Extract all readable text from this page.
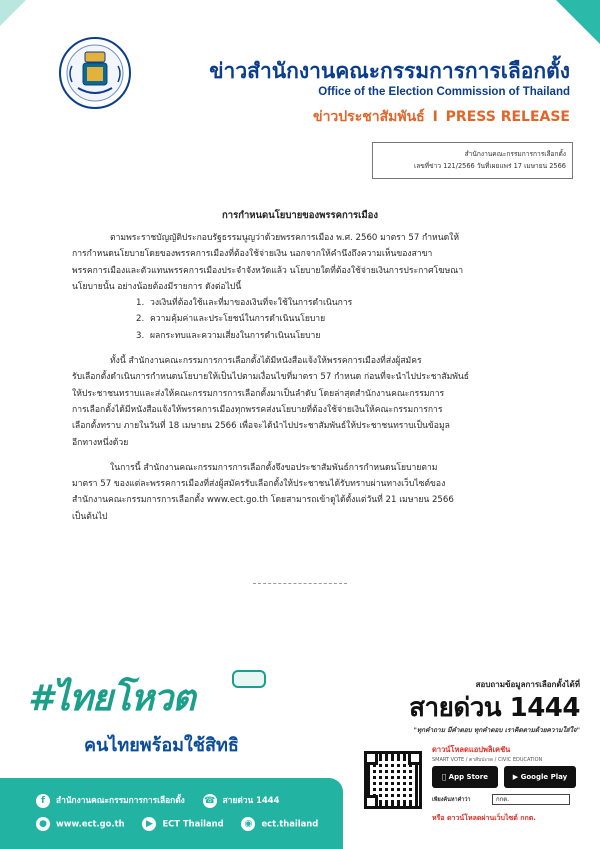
ข่าวสำนักงานคณะกรรมการการเลือกตั้ง
Office of the Election Commission of Thailand
ข่าวประชาสัมพันธ์ I PRESS RELEASE
สำนักงานคณะกรรมการการเลือกตั้ง
เลขที่ข่าว 121/2566 วันที่เผยแพร่ 17 เมษายน 2566
การกำหนดนโยบายของพรรคการเมือง
ตามพระราชบัญญัติประกอบรัฐธรรมนูญว่าด้วยพรรคการเมือง พ.ศ. 2560 มาตรา 57 กำหนดให้
การกำหนดนโยบายโดยของพรรคการเมืองที่ต้องใช้จ่ายเงิน นอกจากให้คำนึงถึงความเห็นของสาขา
พรรคการเมืองและตัวแทนพรรคการเมืองประจำจังหวัดแล้ว นโยบายใดที่ต้องใช้จ่ายเงินการประกาศโฆษณา
นโยบายนั้น อย่างน้อยต้องมีรายการ ดังต่อไปนี้
1. วงเงินที่ต้องใช้และที่มาของเงินที่จะใช้ในการดำเนินการ
2. ความคุ้มค่าและประโยชน์ในการดำเนินนโยบาย
3. ผลกระทบและความเสี่ยงในการดำเนินนโยบาย
ทั้งนี้ สำนักงานคณะกรรมการการเลือกตั้งได้มีหนังสือแจ้งให้พรรคการเมืองที่ส่งผู้สมัคร
รับเลือกตั้งดำเนินการกำหนดนโยบายให้เป็นไปตามเงื่อนไขที่มาตรา 57 กำหนด ก่อนที่จะนำไปประชาสัมพันธ์
ให้ประชาชนทราบและส่งให้คณะกรรมการการเลือกตั้งมาเป็นลำดับ โดยล่าสุดสำนักงานคณะกรรมการ
การเลือกตั้งได้มีหนังสือแจ้งให้พรรคการเมืองทุกพรรคส่งนโยบายที่ต้องใช้จ่ายเงินให้คณะกรรมการการ
เลือกตั้งทราบ ภายในวันที่ 18 เมษายน 2566 เพื่อจะได้นำไปประชาสัมพันธ์ให้ประชาชนทราบเป็นข้อมูล
อีกทางหนึ่งด้วย
ในการนี้ สำนักงานคณะกรรมการการเลือกตั้งจึงขอประชาสัมพันธ์การกำหนดนโยบายตาม
มาตรา 57 ของแต่ละพรรคการเมืองที่ส่งผู้สมัครรับเลือกตั้งให้ประชาชนได้รับทราบผ่านทางเว็บไซต์ของ
สำนักงานคณะกรรมการการเลือกตั้ง www.ect.go.th โดยสามารถเข้าดูได้ตั้งแต่วันที่ 21 เมษายน 2566
เป็นต้นไป
#ไทยโหวต
คนไทยพร้อมใช้สิทธิ
สอบถามข้อมูลการเลือกตั้งได้ที่
สายด่วน 1444
"ทุกคำถาม มีคำตอบ ทุกคำตอบ เราคิดตามด้วยความใส่ใจ"
ดาวน์โหลดแอปพลิเคชัน
SMART VOTE / ตาสับปะรด / CIVIC EDUCATION
App Store	▶ Google Play
เพียงค้นหาคำว่า	กกต.
หรือ ดาวน์โหลดผ่านเว็บไซต์ กกต.
f สำนักงานคณะกรรมการการเลือกตั้ง ☎ สายด่วน 1444
● www.ect.go.th ▶ ECT Thailand ◉ ect.thailand
